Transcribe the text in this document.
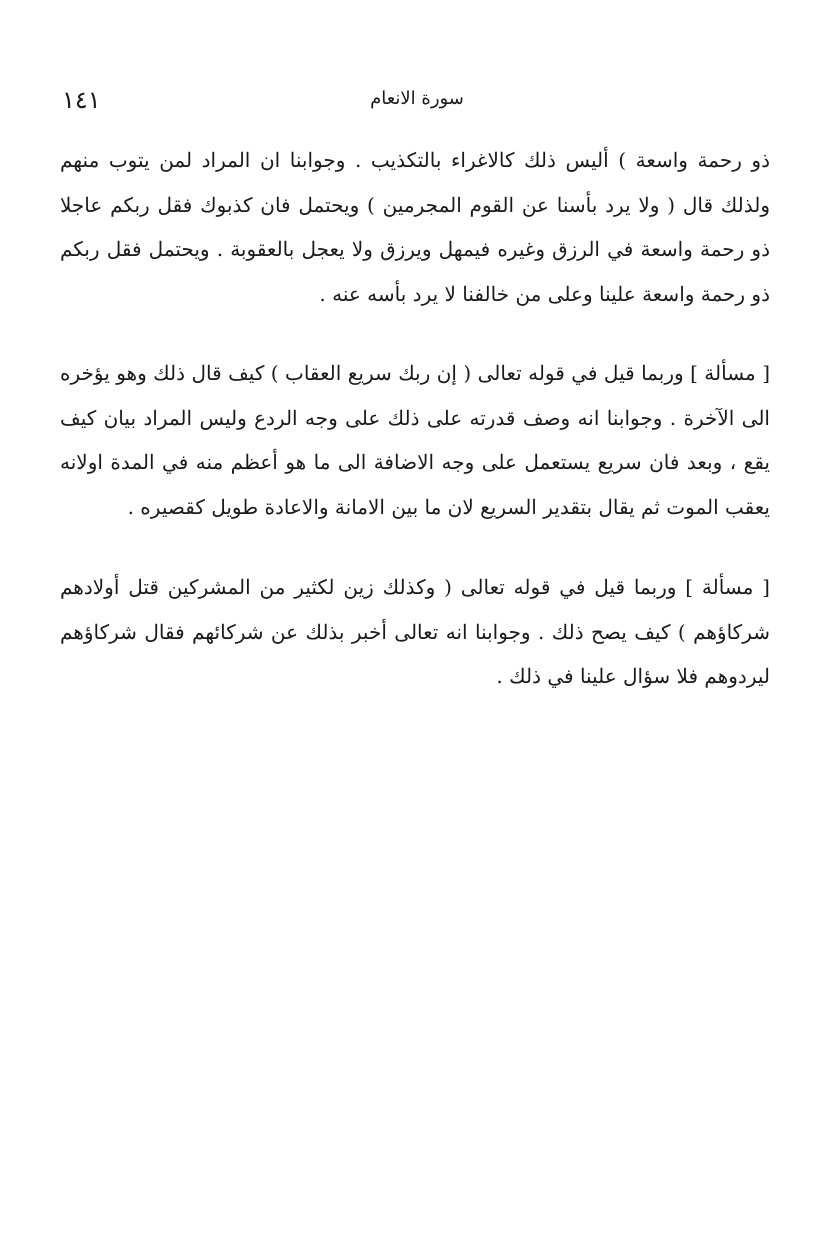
١٤١	سورة الانعام

ذو رحمة واسعة ) أليس ذلك كالاغراء بالتكذيب . وجوابنا ان المراد لمن يتوب منهم ولذلك قال ( ولا يرد بأسنا عن القوم المجرمين ) ويحتمل فان كذبوك فقل ربكم عاجلا ذو رحمة واسعة في الرزق وغيره فيمهل ويرزق ولا يعجل بالعقوبة . ويحتمل فقل ربكم ذو رحمة واسعة علينا وعلى من خالفنا لا يرد بأسه عنه .

[ مسألة ] وربما قيل في قوله تعالى ( إن ربك سريع العقاب ) كيف قال ذلك وهو يؤخره الى الآخرة . وجوابنا انه وصف قدرته على ذلك على وجه الردع وليس المراد بيان كيف يقع ، وبعد فان سريع يستعمل على وجه الاضافة الى ما هو أعظم منه في المدة اولانه يعقب الموت ثم يقال بتقدير السريع لان ما بين الامانة والاعادة طويل كقصيره .

[ مسألة ] وربما قيل في قوله تعالى ( وكذلك زين لكثير من المشركين قتل أولادهم شركاؤهم ) كيف يصح ذلك . وجوابنا انه تعالى أخبر بذلك عن شركائهم فقال شركاؤهم ليردوهم فلا سؤال علينا في ذلك .
